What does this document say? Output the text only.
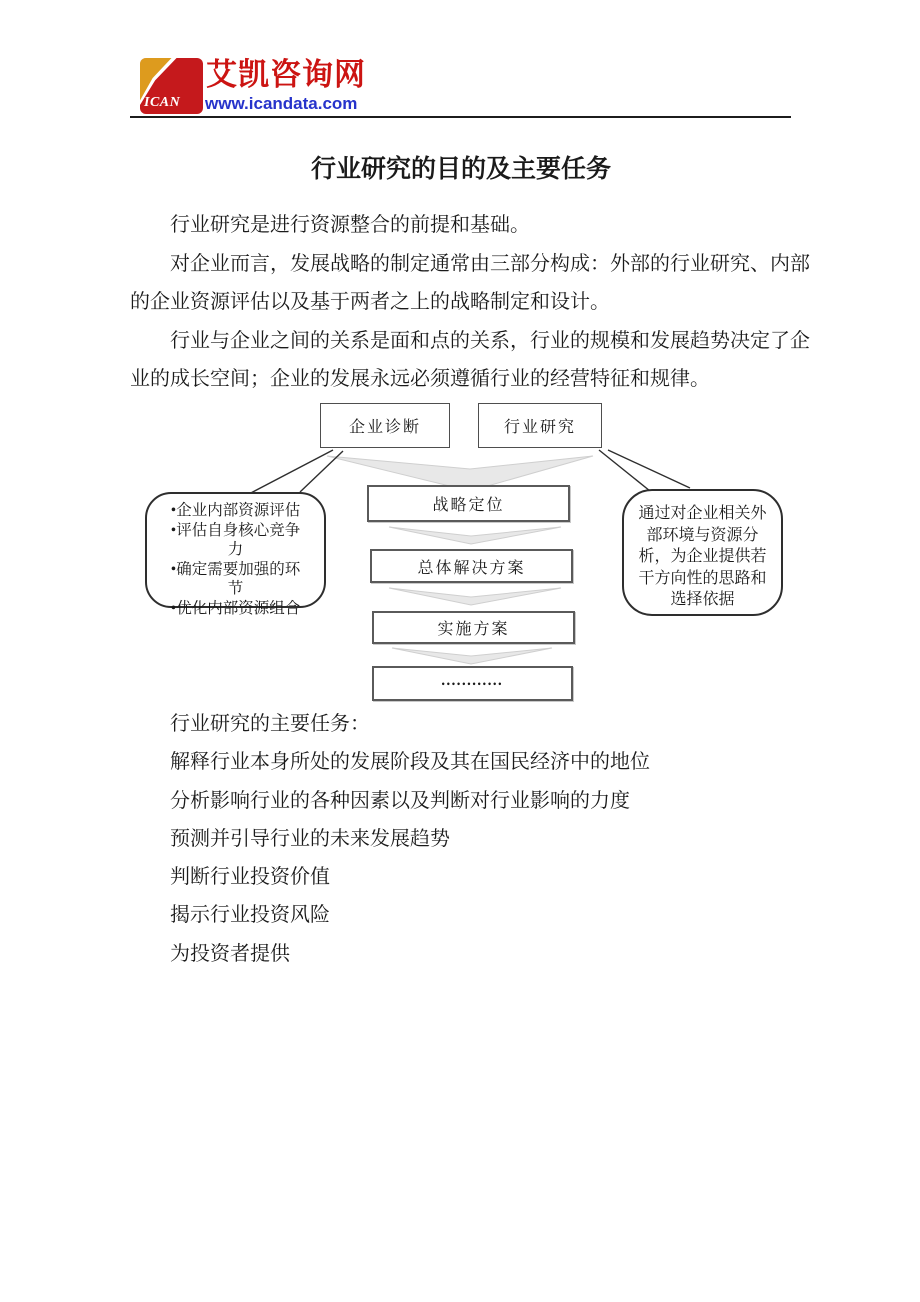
ICAN
艾凯咨询网
www.icandata.com
行业研究的目的及主要任务
行业研究是进行资源整合的前提和基础。
对企业而言，发展战略的制定通常由三部分构成：外部的行业研究、内部
的企业资源评估以及基于两者之上的战略制定和设计。
行业与企业之间的关系是面和点的关系，行业的规模和发展趋势决定了企
业的成长空间；企业的发展永远必须遵循行业的经营特征和规律。
企业诊断	行业研究
战略定位
总体解决方案
实施方案
••••••••••••
•企业内部资源评估
•评估自身核心竞争
力
•确定需要加强的环
节
•优化内部资源组合
通过对企业相关外
部环境与资源分
析，为企业提供若
干方向性的思路和
选择依据
行业研究的主要任务：
解释行业本身所处的发展阶段及其在国民经济中的地位
分析影响行业的各种因素以及判断对行业影响的力度
预测并引导行业的未来发展趋势
判断行业投资价值
揭示行业投资风险
为投资者提供
